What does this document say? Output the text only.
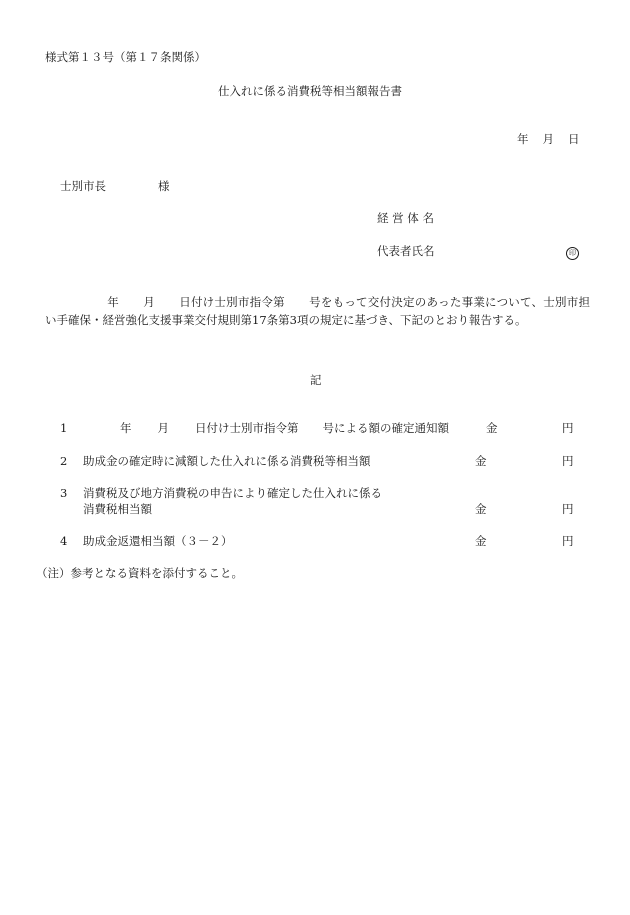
様式第１３号（第１７条関係）
仕入れに係る消費税等相当額報告書
年 月 日
士別市長	様
経 営 体 名
代表者氏名	印
年 月 日付け士別市指令第 号をもって交付決定のあった事業について、士別市担い手確保・経営強化支援事業交付規則第17条第3項の規定に基づき、下記のとおり報告する。
記
1	年 月 日付け士別市指令第 号による額の確定通知額	金	円
2 助成金の確定時に減額した仕入れに係る消費税等相当額	金	円
3 消費税及び地方消費税の申告により確定した仕入れに係る
消費税相当額	金	円
4 助成金返還相当額（３－２）	金	円
（注）参考となる資料を添付すること。
